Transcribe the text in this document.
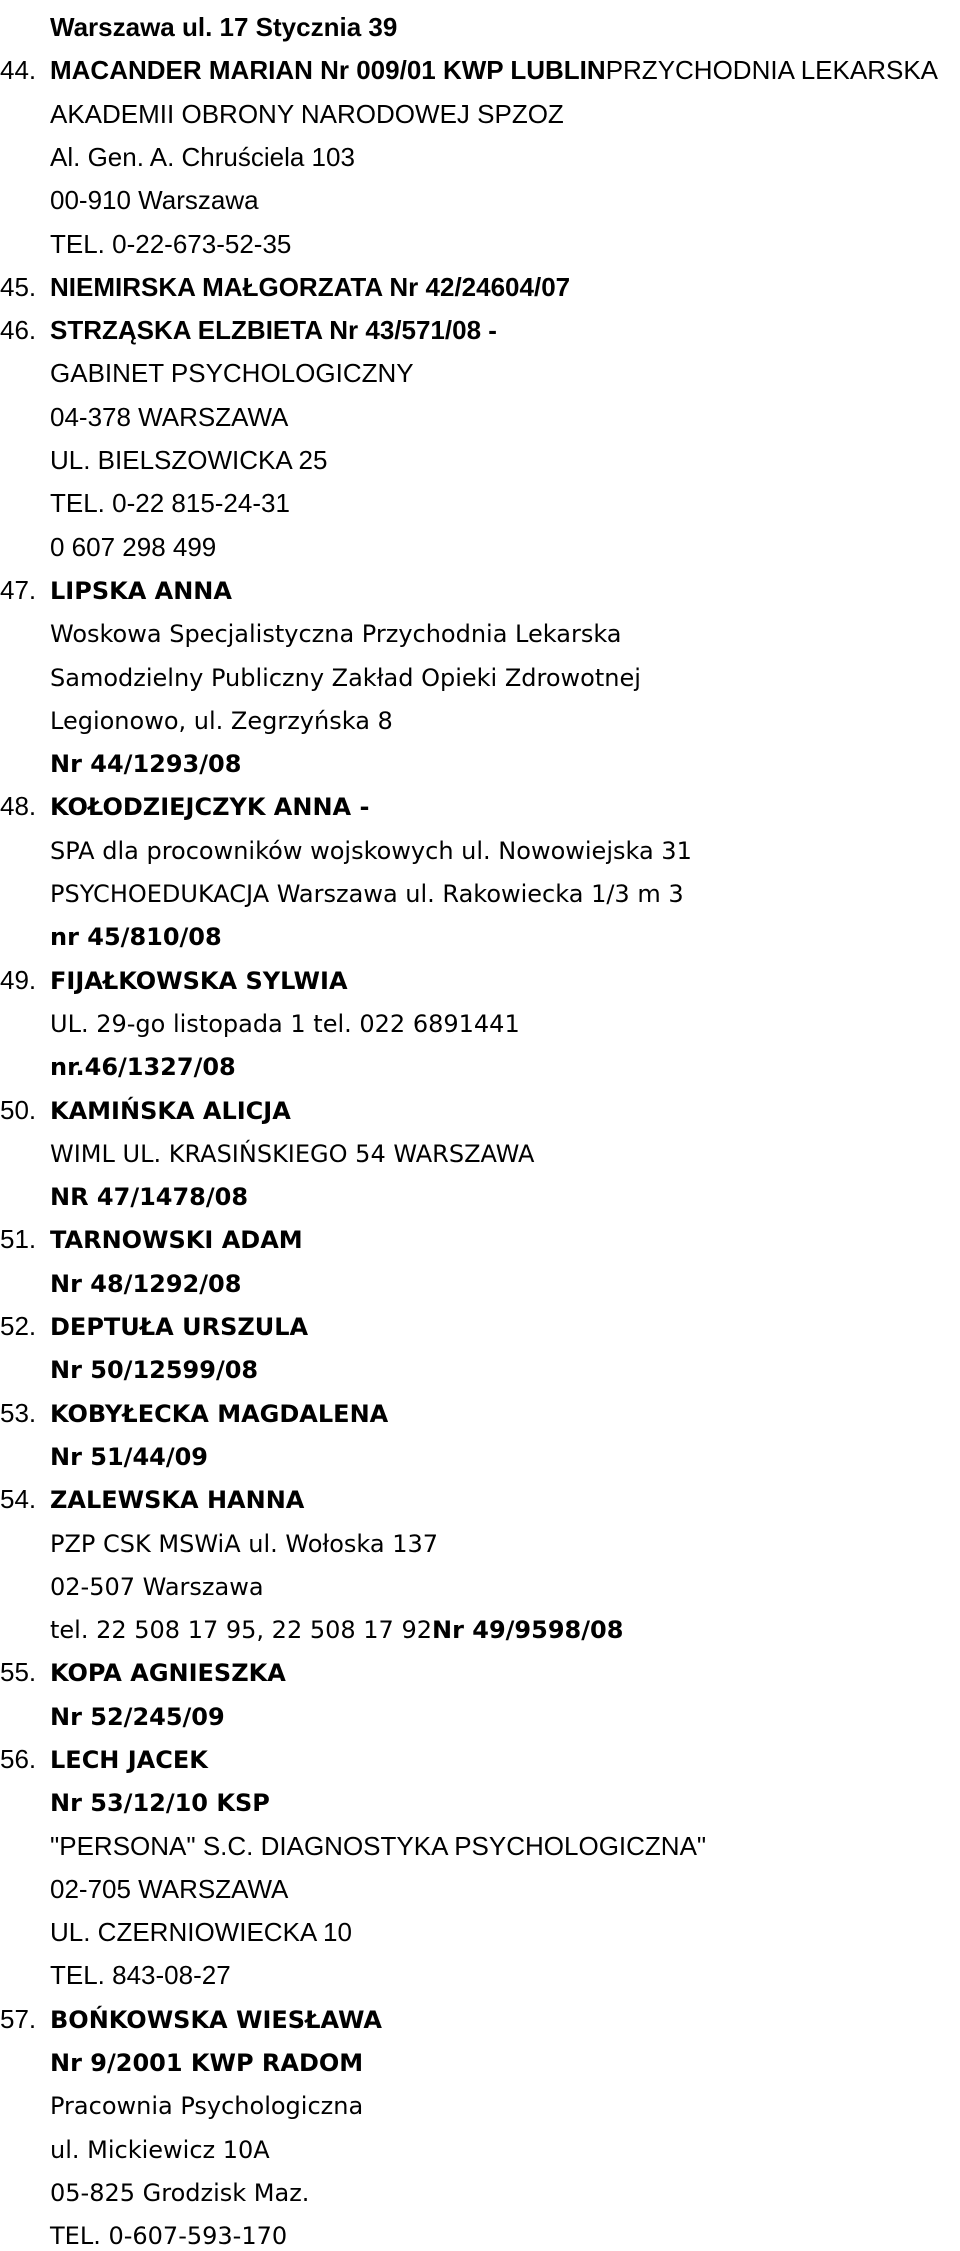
Warszawa ul. 17 Stycznia 39
44. MACANDER MARIAN Nr 009/01 KWP LUBLINPRZYCHODNIA LEKARSKA
AKADEMII OBRONY NARODOWEJ SPZOZ
Al. Gen. A. Chruściela 103
00-910 Warszawa
TEL. 0-22-673-52-35
45. NIEMIRSKA MAŁGORZATA Nr 42/24604/07
46. STRZĄSKA ELZBIETA Nr 43/571/08 -
GABINET PSYCHOLOGICZNY
04-378 WARSZAWA
UL. BIELSZOWICKA 25
TEL. 0-22 815-24-31
0 607 298 499
47. LIPSKA ANNA
Woskowa Specjalistyczna Przychodnia Lekarska
Samodzielny Publiczny Zakład Opieki Zdrowotnej
Legionowo, ul. Zegrzyńska 8
Nr 44/1293/08
48. KOŁODZIEJCZYK ANNA -
SPA dla procowników wojskowych ul. Nowowiejska 31
PSYCHOEDUKACJA Warszawa ul. Rakowiecka 1/3 m 3
nr 45/810/08
49. FIJAŁKOWSKA SYLWIA
UL. 29-go listopada 1 tel. 022 6891441
nr.46/1327/08
50. KAMIŃSKA ALICJA
WIML UL. KRASIŃSKIEGO 54 WARSZAWA
NR 47/1478/08
51. TARNOWSKI ADAM
Nr 48/1292/08
52. DEPTUŁA URSZULA
Nr 50/12599/08
53. KOBYŁECKA MAGDALENA
Nr 51/44/09
54. ZALEWSKA HANNA
PZP CSK MSWiA ul. Wołoska 137
02-507 Warszawa
tel. 22 508 17 95, 22 508 17 92Nr 49/9598/08
55. KOPA AGNIESZKA
Nr 52/245/09
56. LECH JACEK
Nr 53/12/10 KSP
"PERSONA" S.C. DIAGNOSTYKA PSYCHOLOGICZNA"
02-705 WARSZAWA
UL. CZERNIOWIECKA 10
TEL. 843-08-27
57. BOŃKOWSKA WIESŁAWA
Nr 9/2001 KWP RADOM
Pracownia Psychologiczna
ul. Mickiewicz 10A
05-825 Grodzisk Maz.
TEL. 0-607-593-170
